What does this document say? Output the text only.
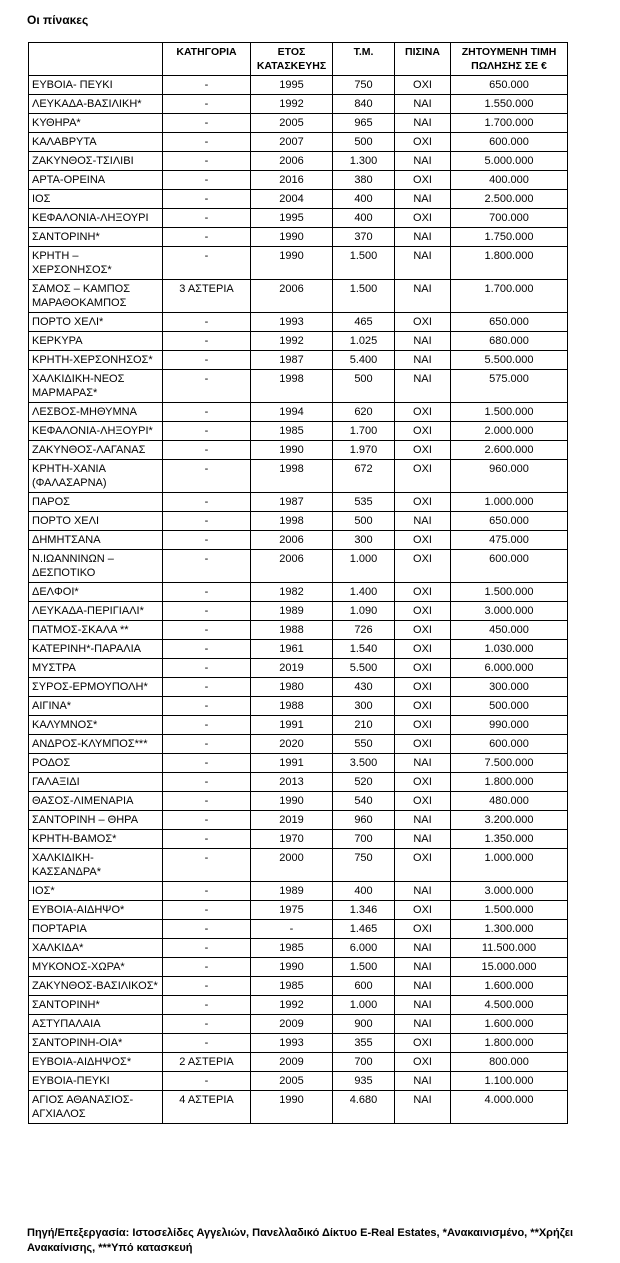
Οι πίνακες
	ΚΑΤΗΓΟΡΙΑ	ΕΤΟΣ ΚΑΤΑΣΚΕΥΗΣ	Τ.Μ.	ΠΙΣΙΝΑ	ΖΗΤΟΥΜΕΝΗ ΤΙΜΗ ΠΩΛΗΣΗΣ ΣΕ €
ΕΥΒΟΙΑ- ΠΕΥΚΙ	-	1995	750	ΟΧΙ	650.000
ΛΕΥΚΑΔΑ-ΒΑΣΙΛΙΚΗ*	-	1992	840	ΝΑΙ	1.550.000
ΚΥΘΗΡΑ*	-	2005	965	ΝΑΙ	1.700.000
ΚΑΛΑΒΡΥΤΑ	-	2007	500	ΟΧΙ	600.000
ΖΑΚΥΝΘΟΣ-ΤΣΙΛΙΒΙ	-	2006	1.300	ΝΑΙ	5.000.000
ΑΡΤΑ-ΟΡΕΙΝΑ	-	2016	380	ΟΧΙ	400.000
ΙΟΣ	-	2004	400	ΝΑΙ	2.500.000
ΚΕΦΑΛΟΝΙΑ-ΛΗΞΟΥΡΙ	-	1995	400	ΟΧΙ	700.000
ΣΑΝΤΟΡΙΝΗ*	-	1990	370	ΝΑΙ	1.750.000
ΚΡΗΤΗ – ΧΕΡΣΟΝΗΣΟΣ*	-	1990	1.500	ΝΑΙ	1.800.000
ΣΑΜΟΣ – ΚΑΜΠΟΣ ΜΑΡΑΘΟΚΑΜΠΟΣ	3 ΑΣΤΕΡΙΑ	2006	1.500	ΝΑΙ	1.700.000
ΠΟΡΤΟ ΧΕΛΙ*	-	1993	465	ΟΧΙ	650.000
ΚΕΡΚΥΡΑ	-	1992	1.025	ΝΑΙ	680.000
ΚΡΗΤΗ-ΧΕΡΣΟΝΗΣΟΣ*	-	1987	5.400	ΝΑΙ	5.500.000
ΧΑΛΚΙΔΙΚΗ-ΝΕΟΣ ΜΑΡΜΑΡΑΣ*	-	1998	500	ΝΑΙ	575.000
ΛΕΣΒΟΣ-ΜΗΘΥΜΝΑ	-	1994	620	ΟΧΙ	1.500.000
ΚΕΦΑΛΟΝΙΑ-ΛΗΞΟΥΡΙ*	-	1985	1.700	ΟΧΙ	2.000.000
ΖΑΚΥΝΘΟΣ-ΛΑΓΑΝΑΣ	-	1990	1.970	ΟΧΙ	2.600.000
ΚΡΗΤΗ-ΧΑΝΙΑ (ΦΑΛΑΣΑΡΝΑ)	-	1998	672	ΟΧΙ	960.000
ΠΑΡΟΣ	-	1987	535	ΟΧΙ	1.000.000
ΠΟΡΤΟ ΧΕΛΙ	-	1998	500	ΝΑΙ	650.000
ΔΗΜΗΤΣΑΝΑ	-	2006	300	ΟΧΙ	475.000
Ν.ΙΩΑΝΝΙΝΩΝ – ΔΕΣΠΟΤΙΚΟ	-	2006	1.000	ΟΧΙ	600.000
ΔΕΛΦΟΙ*	-	1982	1.400	ΟΧΙ	1.500.000
ΛΕΥΚΑΔΑ-ΠΕΡΙΓΙΑΛΙ*	-	1989	1.090	ΟΧΙ	3.000.000
ΠΑΤΜΟΣ-ΣΚΑΛΑ **	-	1988	726	ΟΧΙ	450.000
ΚΑΤΕΡΙΝΗ*-ΠΑΡΑΛΙΑ	-	1961	1.540	ΟΧΙ	1.030.000
ΜΥΣΤΡΑ	-	2019	5.500	ΟΧΙ	6.000.000
ΣΥΡΟΣ-ΕΡΜΟΥΠΟΛΗ*	-	1980	430	ΟΧΙ	300.000
ΑΙΓΙΝΑ*	-	1988	300	ΟΧΙ	500.000
ΚΑΛΥΜΝΟΣ*	-	1991	210	ΟΧΙ	990.000
ΑΝΔΡΟΣ-ΚΛΥΜΠΟΣ***	-	2020	550	ΟΧΙ	600.000
ΡΟΔΟΣ	-	1991	3.500	ΝΑΙ	7.500.000
ΓΑΛΑΞΙΔΙ	-	2013	520	ΟΧΙ	1.800.000
ΘΑΣΟΣ-ΛΙΜΕΝΑΡΙΑ	-	1990	540	ΟΧΙ	480.000
ΣΑΝΤΟΡΙΝΗ – ΘΗΡΑ	-	2019	960	ΝΑΙ	3.200.000
ΚΡΗΤΗ-ΒΑΜΟΣ*	-	1970	700	ΝΑΙ	1.350.000
ΧΑΛΚΙΔΙΚΗ-ΚΑΣΣΑΝΔΡΑ*	-	2000	750	ΟΧΙ	1.000.000
ΙΟΣ*	-	1989	400	ΝΑΙ	3.000.000
ΕΥΒΟΙΑ-ΑΙΔΗΨΟ*	-	1975	1.346	ΟΧΙ	1.500.000
ΠΟΡΤΑΡΙΑ	-	-	1.465	ΟΧΙ	1.300.000
ΧΑΛΚΙΔΑ*	-	1985	6.000	ΝΑΙ	11.500.000
ΜΥΚΟΝΟΣ-ΧΩΡΑ*	-	1990	1.500	ΝΑΙ	15.000.000
ΖΑΚΥΝΘΟΣ-ΒΑΣΙΛΙΚΟΣ*	-	1985	600	ΝΑΙ	1.600.000
ΣΑΝΤΟΡΙΝΗ*	-	1992	1.000	ΝΑΙ	4.500.000
ΑΣΤΥΠΑΛΑΙΑ	-	2009	900	ΝΑΙ	1.600.000
ΣΑΝΤΟΡΙΝΗ-ΟΙΑ*	-	1993	355	ΟΧΙ	1.800.000
ΕΥΒΟΙΑ-ΑΙΔΗΨΟΣ*	2 ΑΣΤΕΡΙΑ	2009	700	ΟΧΙ	800.000
ΕΥΒΟΙΑ-ΠΕΥΚΙ	-	2005	935	ΝΑΙ	1.100.000
ΑΓΙΟΣ ΑΘΑΝΑΣΙΟΣ-ΑΓΧΙΑΛΟΣ	4 ΑΣΤΕΡΙΑ	1990	4.680	ΝΑΙ	4.000.000
Πηγή/Επεξεργασία: Ιστοσελίδες Αγγελιών, Πανελλαδικό Δίκτυο E-Real Estates, *Ανακαινισμένο, **Χρήζει Ανακαίνισης, ***Υπό κατασκευή
